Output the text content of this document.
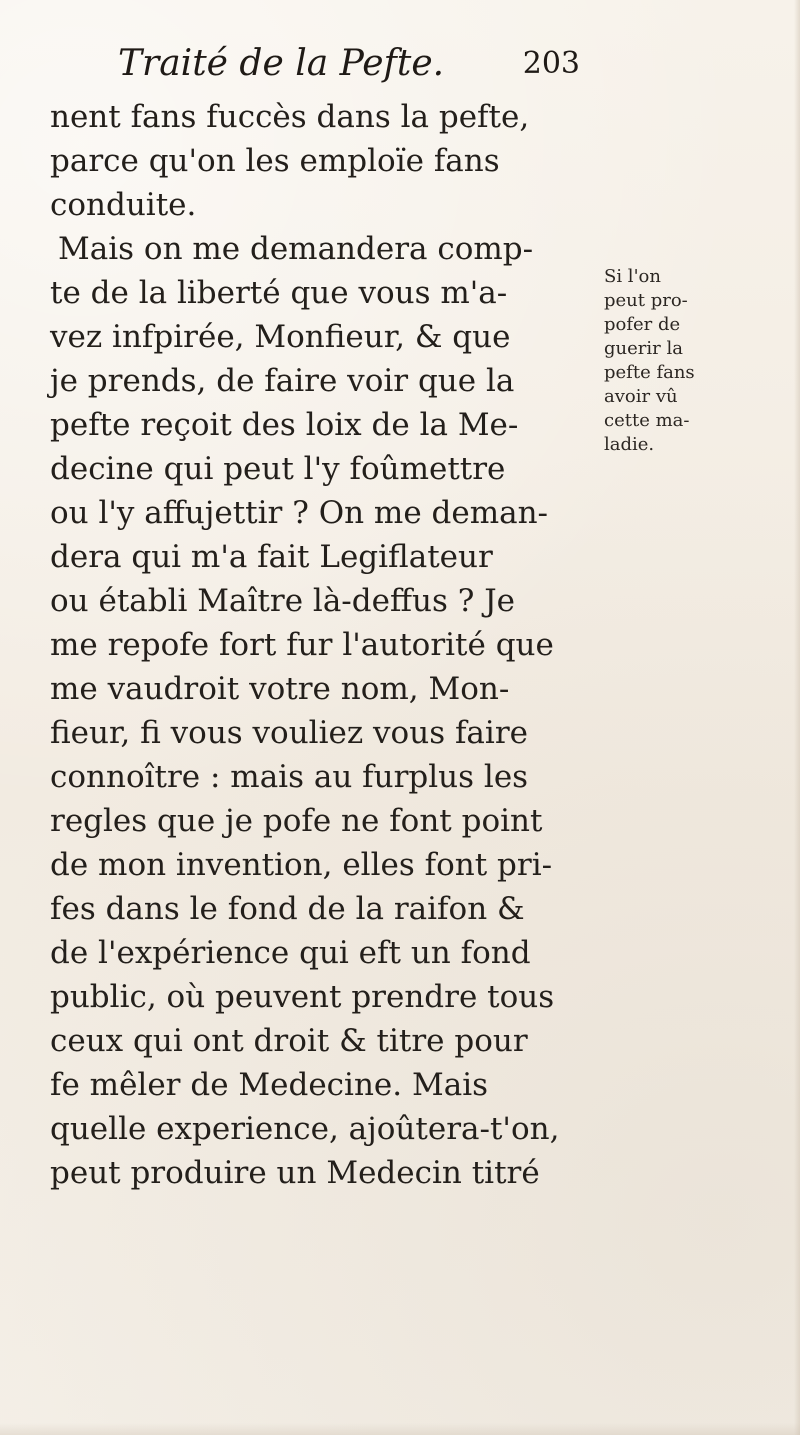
Traité de la Pefte.	203
nent fans fuccès dans la pefte,
parce qu'on les emploïe fans
conduite.
Mais on me demandera comp-
te de la liberté que vous m'a-
vez infpirée, Monfieur, & que
je prends, de faire voir que la
pefte reçoit des loix de la Me-
decine qui peut l'y foûmettre
ou l'y affujettir ? On me deman-
dera qui m'a fait Legiflateur
ou établi Maître là-deffus ? Je
me repofe fort fur l'autorité que
me vaudroit votre nom, Mon-
fieur, fi vous vouliez vous faire
connoître : mais au furplus les
regles que je pofe ne font point
de mon invention, elles font pri-
fes dans le fond de la raifon &
de l'expérience qui eft un fond
public, où peuvent prendre tous
ceux qui ont droit & titre pour
fe mêler de Medecine. Mais
quelle experience, ajoûtera-t'on,
peut produire un Medecin titré
Si l'on
peut pro-
pofer de
guerir la
pefte fans
avoir vû
cette ma-
ladie.
